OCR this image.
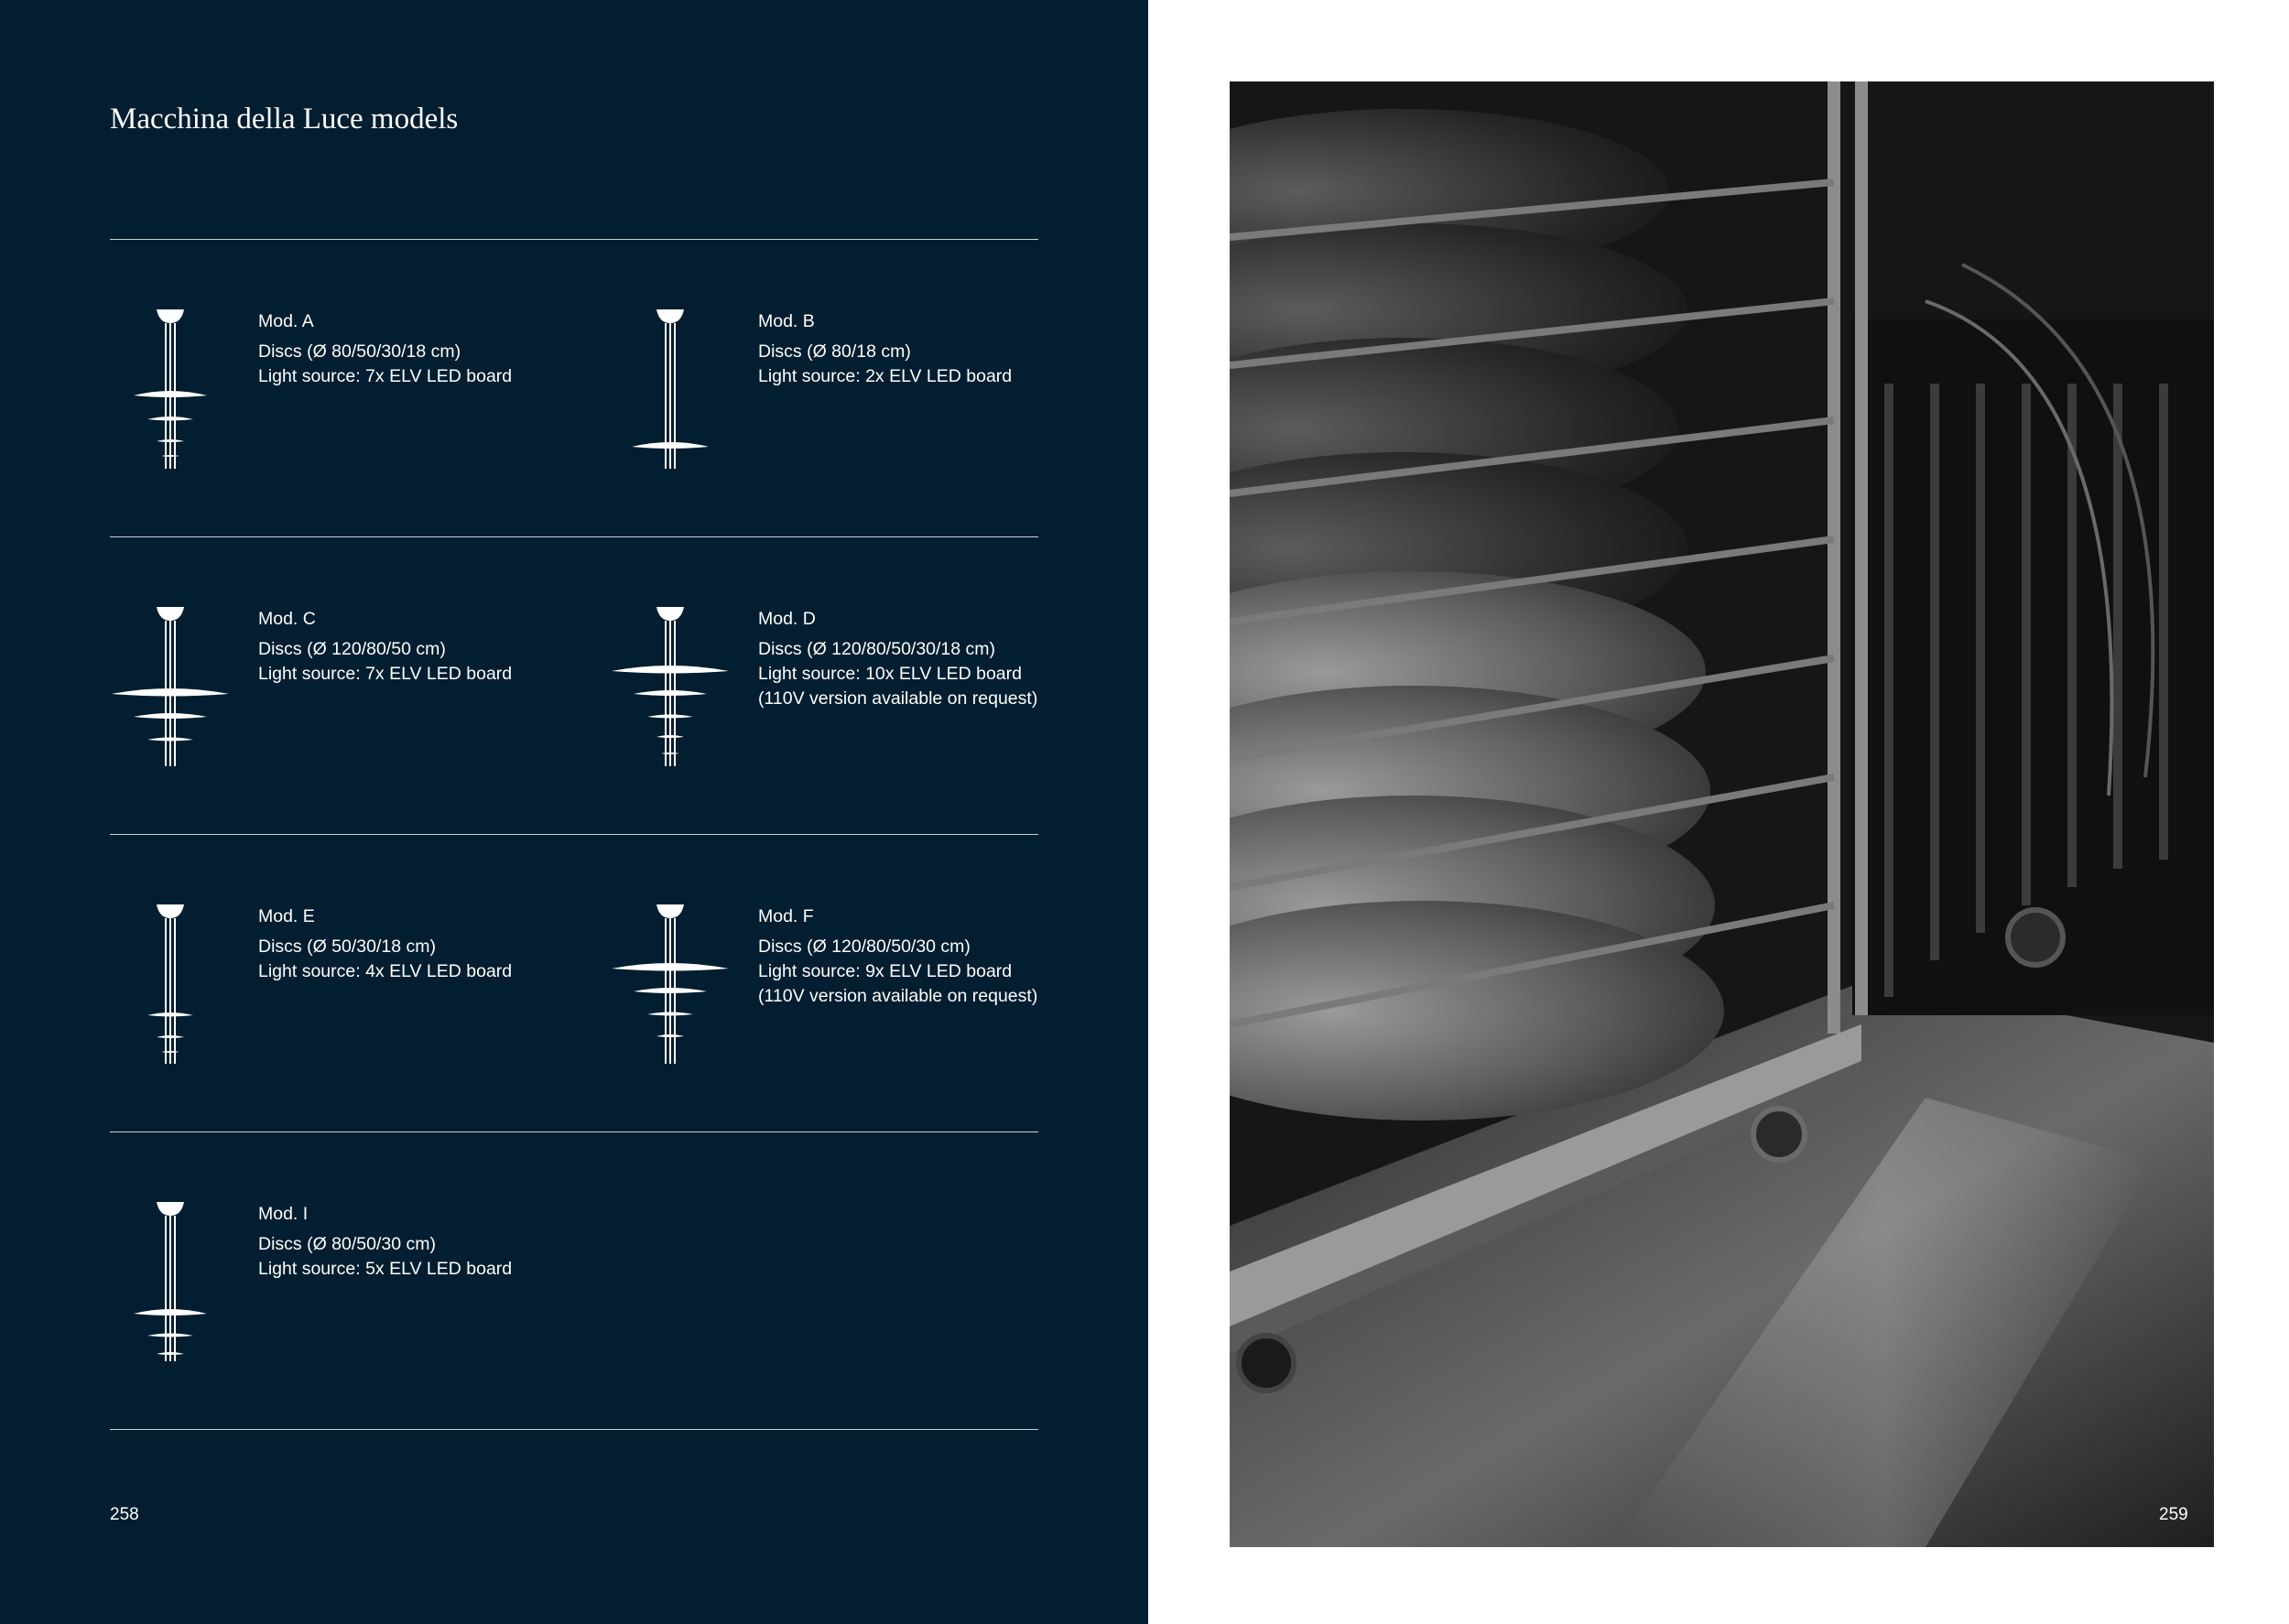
Macchina della Luce models
Mod. A
Discs (Ø 80/50/30/18 cm)
Light source: 7x ELV LED board
Mod. B
Discs (Ø 80/18 cm)
Light source: 2x ELV LED board
Mod. C
Discs (Ø 120/80/50 cm)
Light source: 7x ELV LED board
Mod. D
Discs (Ø 120/80/50/30/18 cm)
Light source: 10x ELV LED board
(110V version available on request)
Mod. E
Discs (Ø 50/30/18 cm)
Light source: 4x ELV LED board
Mod. F
Discs (Ø 120/80/50/30 cm)
Light source: 9x ELV LED board
(110V version available on request)
Mod. I
Discs (Ø 80/50/30 cm)
Light source: 5x ELV LED board
258	259
